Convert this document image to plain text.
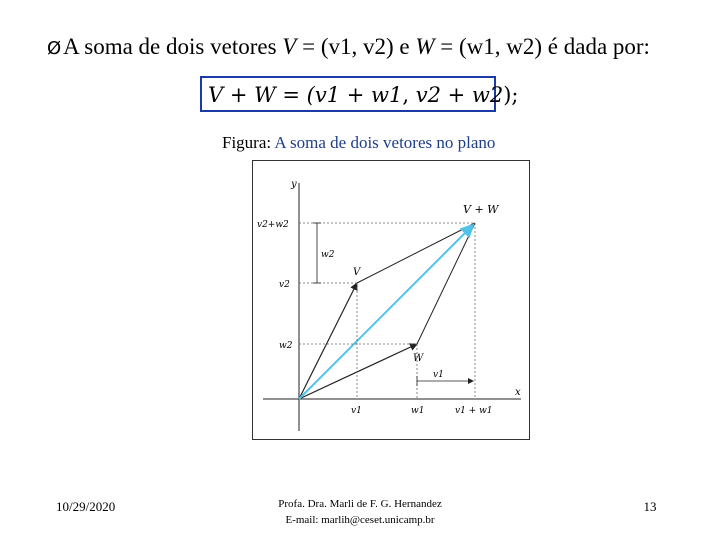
ØA soma de dois vetores V = (v1, v2) e W = (w1, w2) é dada por:
V + W = (v1 + w1, v2 + w2);
Figura: A soma de dois vetores no plano
y
x
V + W
V
W
v2+w2
w2
v2
w2
v1
v1	w1	v1 + w1
10/29/2020	Profa. Dra. Marli de F. G. Hernandez
E-mail: marlih@ceset.unicamp.br
13
